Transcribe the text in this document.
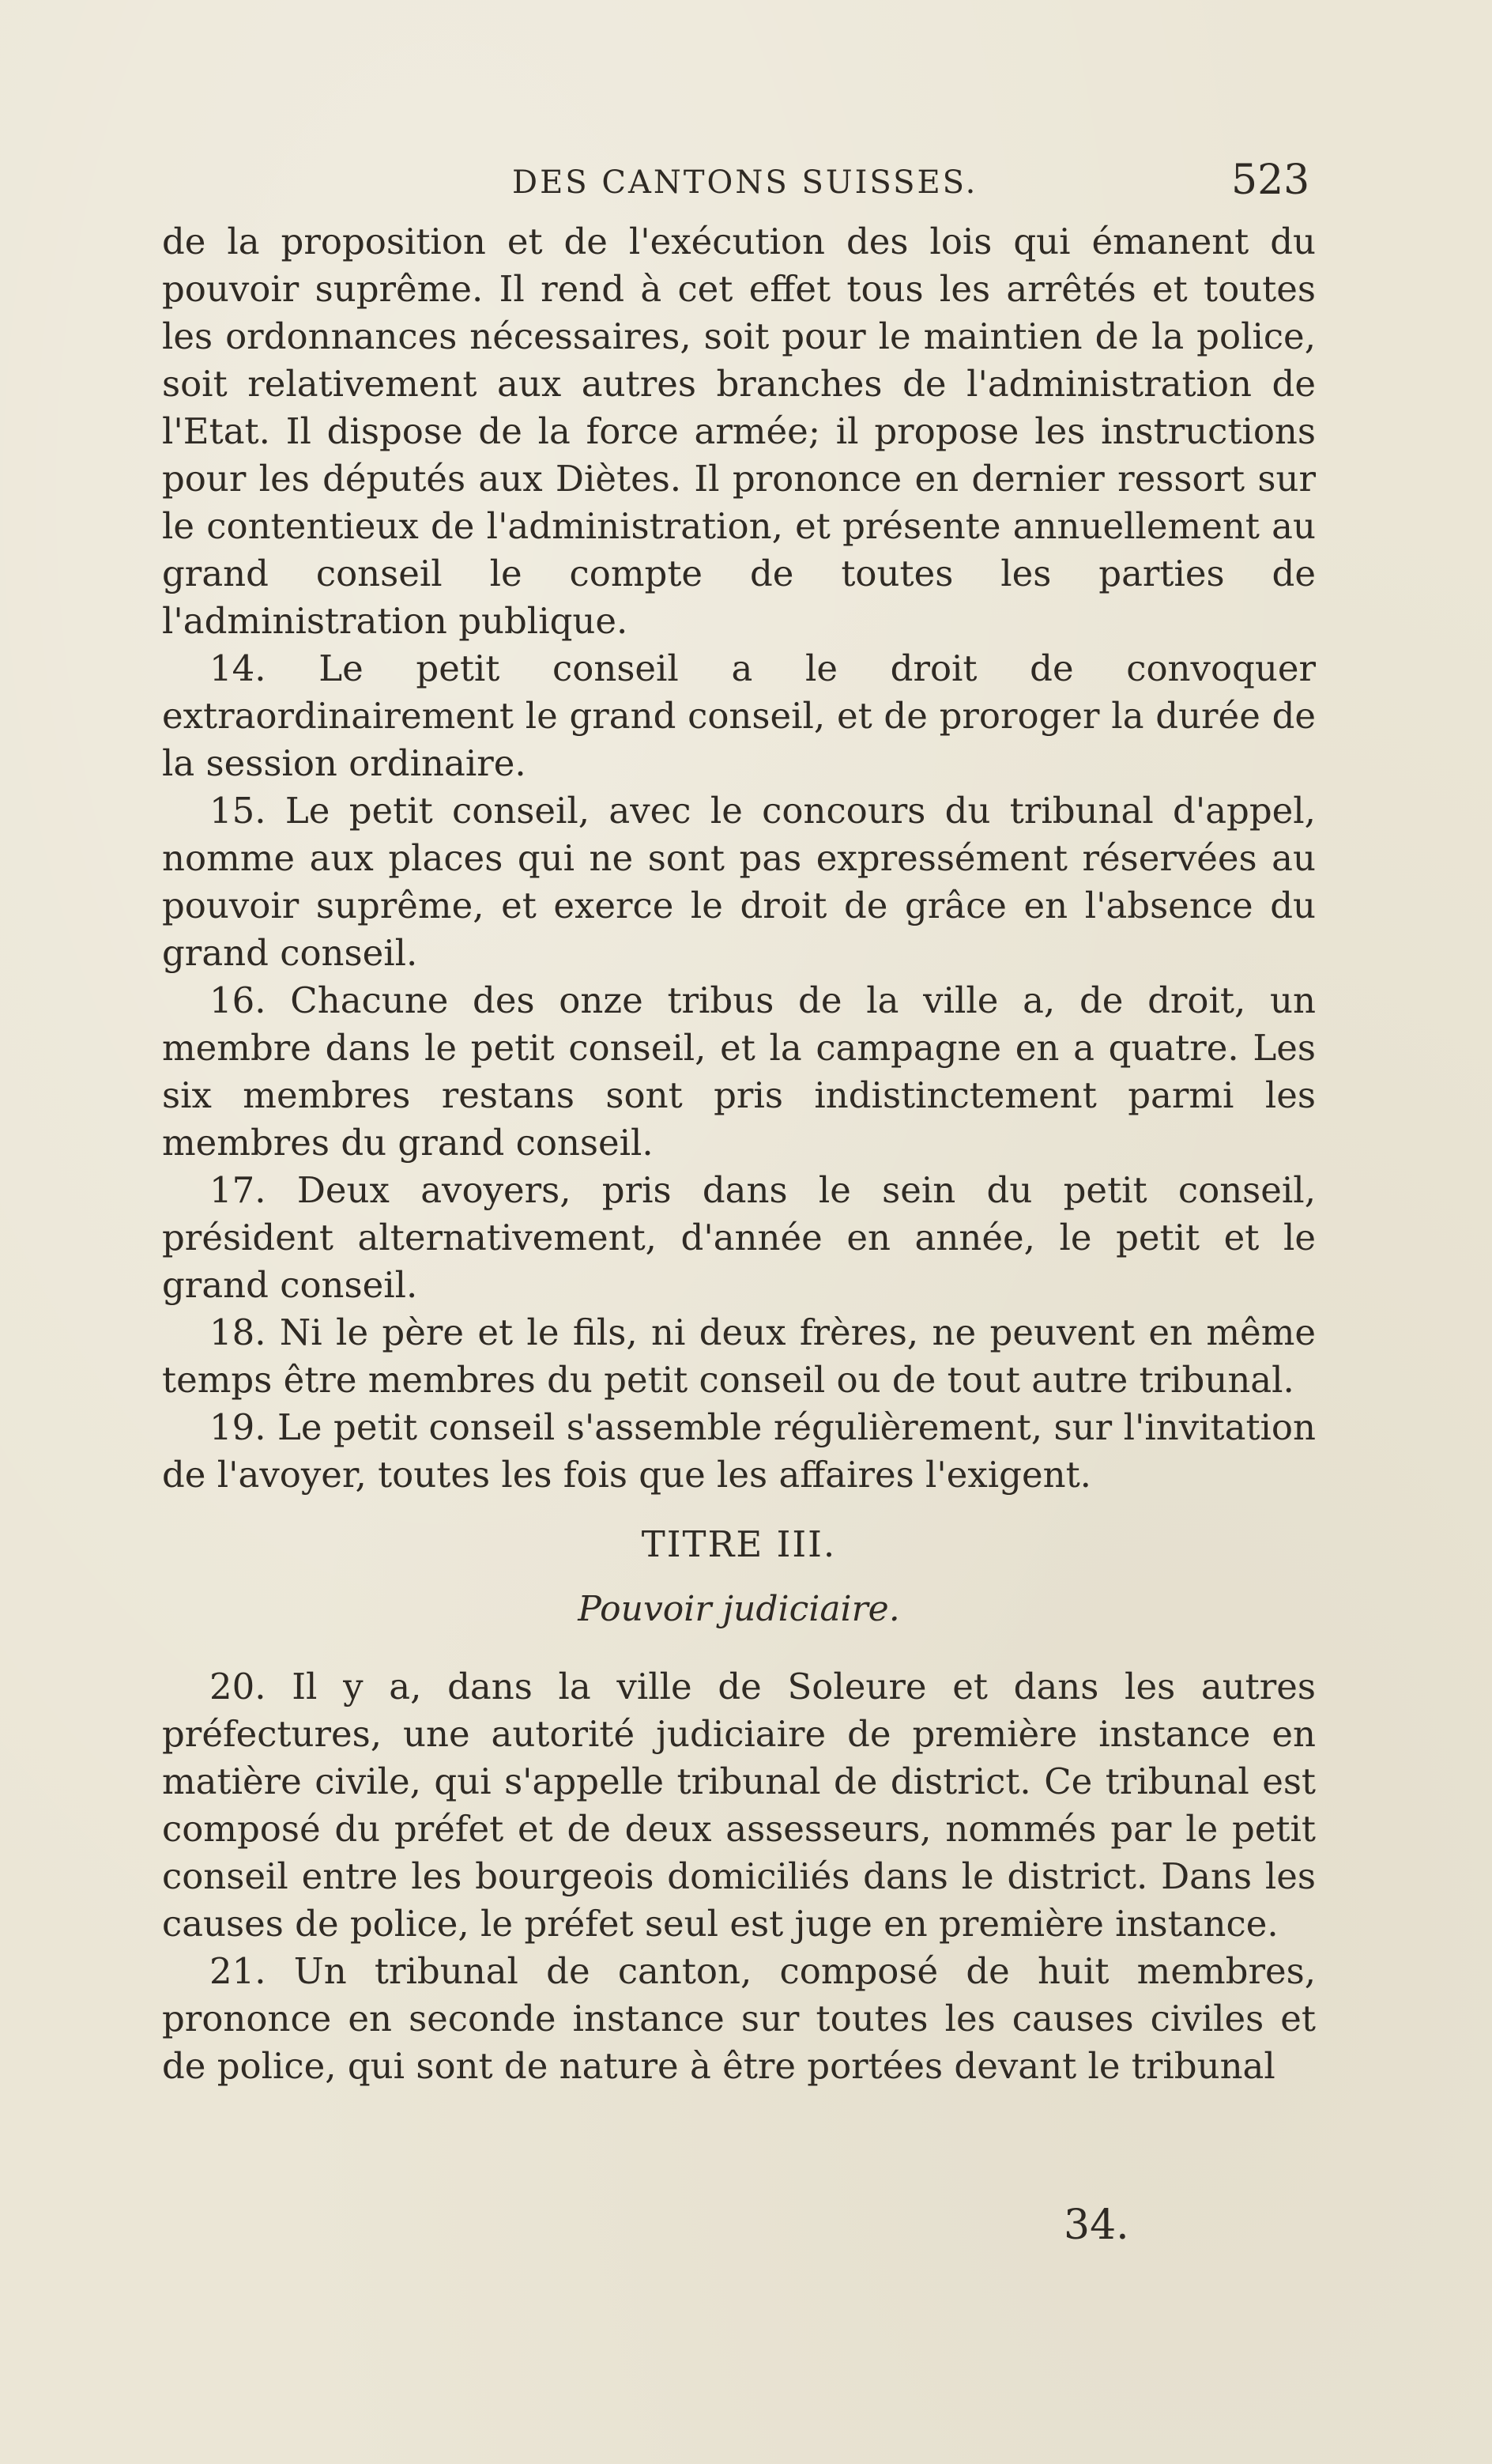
DES CANTONS SUISSES.	523

de la proposition et de l'exécution des lois qui émanent du pouvoir suprême. Il rend à cet effet tous les arrêtés et toutes les ordonnances nécessaires, soit pour le maintien de la police, soit relativement aux autres branches de l'administration de l'Etat. Il dispose de la force armée; il propose les instructions pour les députés aux Diètes. Il prononce en dernier ressort sur le contentieux de l'administration, et présente annuellement au grand conseil le compte de toutes les parties de l'administration publique.

14. Le petit conseil a le droit de convoquer extraordinairement le grand conseil, et de proroger la durée de la session ordinaire.

15. Le petit conseil, avec le concours du tribunal d'appel, nomme aux places qui ne sont pas expressément réservées au pouvoir suprême, et exerce le droit de grâce en l'absence du grand conseil.

16. Chacune des onze tribus de la ville a, de droit, un membre dans le petit conseil, et la campagne en a quatre. Les six membres restans sont pris indistinctement parmi les membres du grand conseil.

17. Deux avoyers, pris dans le sein du petit conseil, président alternativement, d'année en année, le petit et le grand conseil.

18. Ni le père et le fils, ni deux frères, ne peuvent en même temps être membres du petit conseil ou de tout autre tribunal.

19. Le petit conseil s'assemble régulièrement, sur l'invitation de l'avoyer, toutes les fois que les affaires l'exigent.

TITRE III.
Pouvoir judiciaire.

20. Il y a, dans la ville de Soleure et dans les autres préfectures, une autorité judiciaire de première instance en matière civile, qui s'appelle tribunal de district. Ce tribunal est composé du préfet et de deux assesseurs, nommés par le petit conseil entre les bourgeois domiciliés dans le district. Dans les causes de police, le préfet seul est juge en première instance.

21. Un tribunal de canton, composé de huit membres, prononce en seconde instance sur toutes les causes civiles et de police, qui sont de nature à être portées devant le tribunal

34.
